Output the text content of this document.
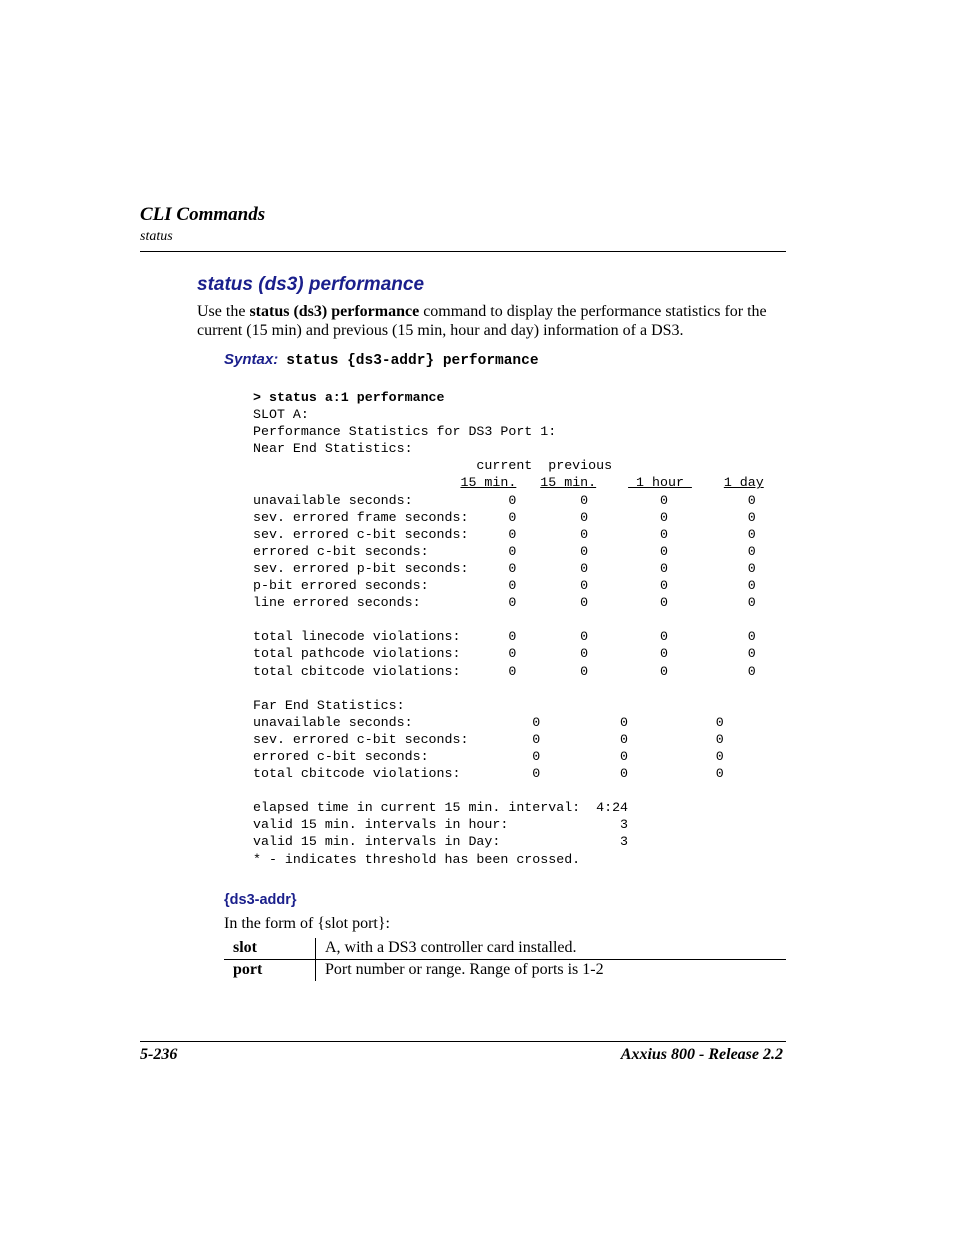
CLI Commands
status
status (ds3) performance
Use the status (ds3) performance command to display the performance statistics for the current (15 min) and previous (15 min, hour and day) information of a DS3.
Syntax: status {ds3-addr} performance
> status a:1 performance
SLOT A:
Performance Statistics for DS3 Port 1:
Near End Statistics:
current  previous
15 min. 15 min.     1 hour     1 day
unavailable seconds:            0        0         0          0
sev. errored frame seconds:     0        0         0          0
sev. errored c-bit seconds:     0        0         0          0
errored c-bit seconds:          0        0         0          0
sev. errored p-bit seconds:     0        0         0          0
p-bit errored seconds:          0        0         0          0
line errored seconds:           0        0         0          0

total linecode violations:      0        0         0          0
total pathcode violations:      0        0         0          0
total cbitcode violations:      0        0         0          0

Far End Statistics:
unavailable seconds:               0          0           0
sev. errored c-bit seconds:        0          0           0
errored c-bit seconds:             0          0           0
total cbitcode violations:         0          0           0

elapsed time in current 15 min. interval:  4:24
valid 15 min. intervals in hour:              3
valid 15 min. intervals in Day:               3
* - indicates threshold has been crossed.

{ds3-addr}
In the form of {slot port}:
slot	A, with a DS3 controller card installed.
port	Port number or range. Range of ports is 1-2
5-236	Axxius 800 - Release 2.2
